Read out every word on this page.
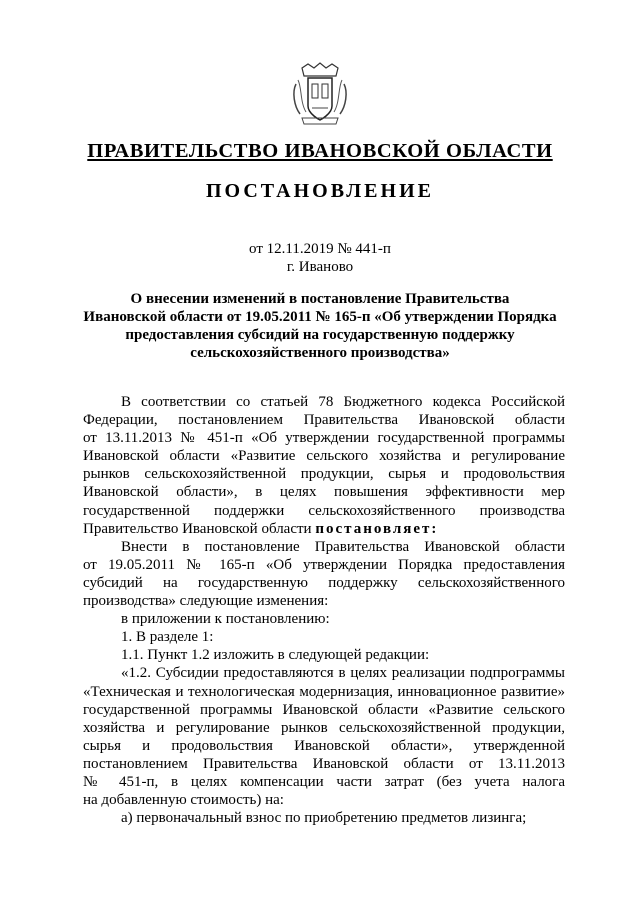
ПРАВИТЕЛЬСТВО ИВАНОВСКОЙ ОБЛАСТИ
ПОСТАНОВЛЕНИЕ
от 12.11.2019 № 441-п
г. Иваново
О внесении изменений в постановление Правительства
Ивановской области от 19.05.2011 № 165-п «Об утверждении Порядка
предоставления субсидий на государственную поддержку
сельскохозяйственного производства»

В соответствии со статьей 78 Бюджетного кодекса Российской

Федерации, постановлением Правительства Ивановской области

от 13.11.2013 № 451-п «Об утверждении государственной программы

Ивановской области «Развитие сельского хозяйства и регулирование

рынков сельскохозяйственной продукции, сырья и продовольствия

Ивановской области», в целях повышения эффективности мер

государственной поддержки сельскохозяйственного производства

Правительство Ивановской области постановляет:

Внести в постановление Правительства Ивановской области

от 19.05.2011 № 165-п «Об утверждении Порядка предоставления

субсидий на государственную поддержку сельскохозяйственного

производства» следующие изменения:

в приложении к постановлению:

1. В разделе 1:

1.1. Пункт 1.2 изложить в следующей редакции:

«1.2. Субсидии предоставляются в целях реализации подпрограммы

«Техническая и технологическая модернизация, инновационное развитие»

государственной программы Ивановской области «Развитие сельского

хозяйства и регулирование рынков сельскохозяйственной продукции,

сырья и продовольствия Ивановской области», утвержденной

постановлением Правительства Ивановской области от 13.11.2013

№ 451-п, в целях компенсации части затрат (без учета налога

на добавленную стоимость) на:

а) первоначальный взнос по приобретению предметов лизинга;
